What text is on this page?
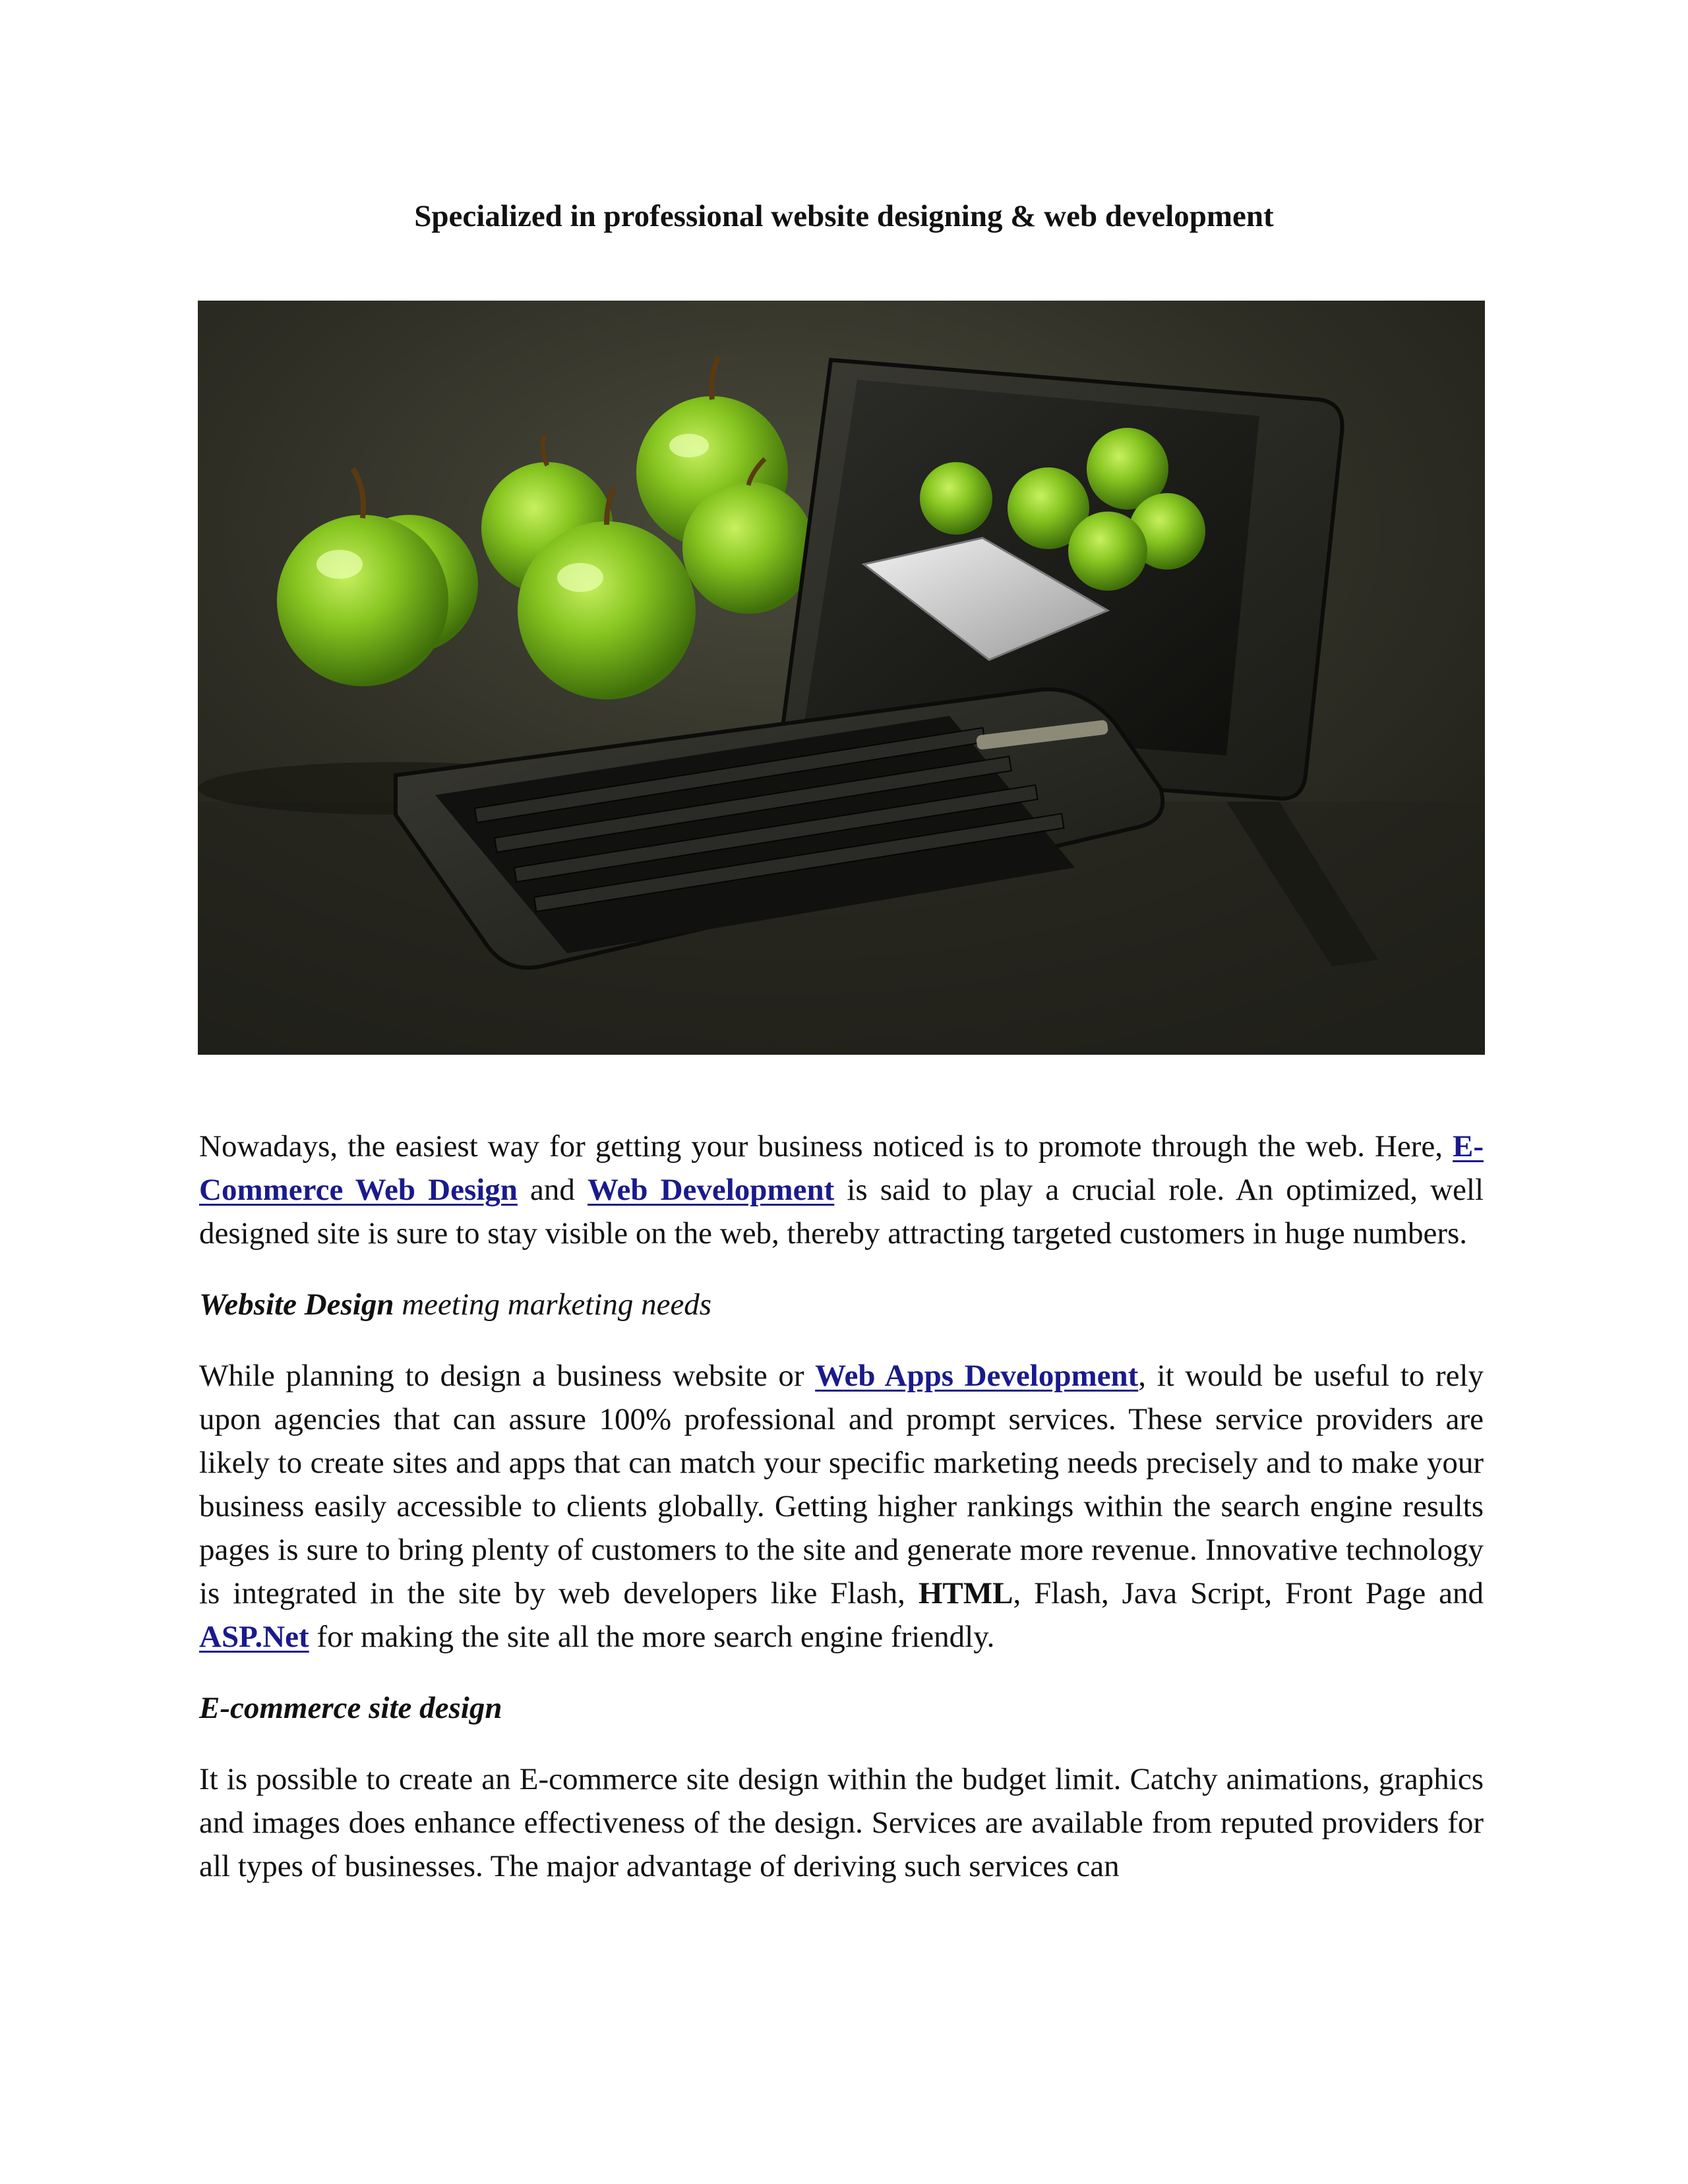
Specialized in professional website designing & web development

Nowadays, the easiest way for getting your business noticed is to promote through the web. Here, E-Commerce Web Design and Web Development is said to play a crucial role. An optimized, well designed site is sure to stay visible on the web, thereby attracting targeted customers in huge numbers.

Website Design meeting marketing needs

While planning to design a business website or Web Apps Development, it would be useful to rely upon agencies that can assure 100% professional and prompt services. These service providers are likely to create sites and apps that can match your specific marketing needs precisely and to make your business easily accessible to clients globally. Getting higher rankings within the search engine results pages is sure to bring plenty of customers to the site and generate more revenue. Innovative technology is integrated in the site by web developers like Flash, HTML, Flash, Java Script, Front Page and ASP.Net for making the site all the more search engine friendly.

E-commerce site design

It is possible to create an E-commerce site design within the budget limit. Catchy animations, graphics and images does enhance effectiveness of the design. Services are available from reputed providers for all types of businesses. The major advantage of deriving such services can
